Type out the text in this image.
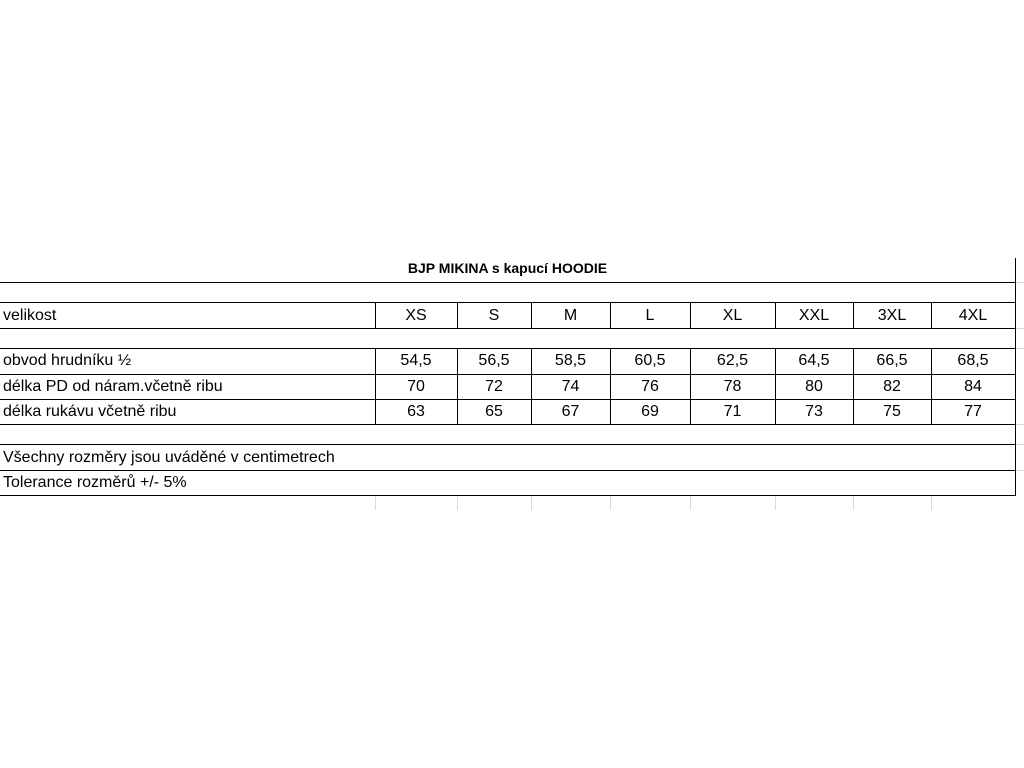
BJP MIKINA s kapucí HOODIE
velikost	XS	S	M	L	XL	XXL	3XL	4XL
obvod hrudníku ½	54,5	56,5	58,5	60,5	62,5	64,5	66,5	68,5
délka PD od náram.včetně ribu	70	72	74	76	78	80	82	84
délka rukávu včetně ribu	63	65	67	69	71	73	75	77
Všechny rozměry jsou uváděné v centimetrech
Tolerance rozměrů +/- 5%
